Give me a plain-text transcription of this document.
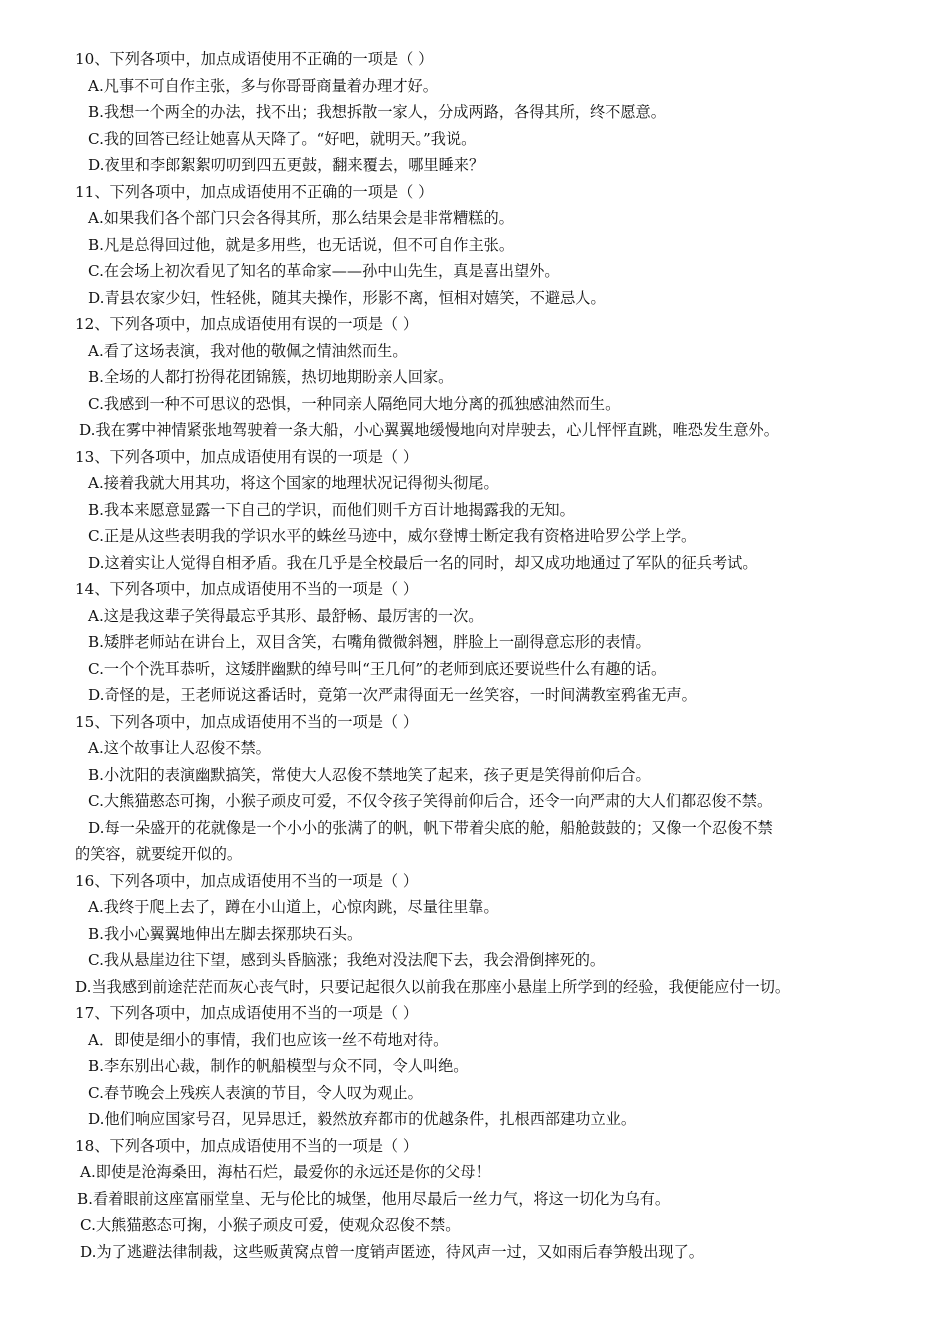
10、下列各项中，加点成语使用不正确的一项是（ ）
A.凡事不可自作主张，多与你哥哥商量着办理才好。
B.我想一个两全的办法，找不出；我想拆散一家人，分成两路，各得其所，终不愿意。
C.我的回答已经让她喜从天降了。“好吧，就明天。”我说。
D.夜里和李郎絮絮叨叨到四五更鼓，翻来覆去，哪里睡来？
11、下列各项中，加点成语使用不正确的一项是（ ）
A.如果我们各个部门只会各得其所，那么结果会是非常糟糕的。
B.凡是总得回过他，就是多用些，也无话说，但不可自作主张。
C.在会场上初次看见了知名的革命家——孙中山先生，真是喜出望外。
D.青县农家少妇，性轻佻，随其夫操作，形影不离，恒相对嬉笑，不避忌人。
12、下列各项中，加点成语使用有误的一项是（ ）
A.看了这场表演，我对他的敬佩之情油然而生。
B.全场的人都打扮得花团锦簇，热切地期盼亲人回家。
C.我感到一种不可思议的恐惧，一种同亲人隔绝同大地分离的孤独感油然而生。
D.我在雾中神情紧张地驾驶着一条大船，小心翼翼地缓慢地向对岸驶去，心儿怦怦直跳，唯恐发生意外。
13、下列各项中，加点成语使用有误的一项是（ ）
A.接着我就大用其功，将这个国家的地理状况记得彻头彻尾。
B.我本来愿意显露一下自己的学识，而他们则千方百计地揭露我的无知。
C.正是从这些表明我的学识水平的蛛丝马迹中，威尔登博士断定我有资格进哈罗公学上学。
D.这着实让人觉得自相矛盾。我在几乎是全校最后一名的同时，却又成功地通过了军队的征兵考试。
14、下列各项中，加点成语使用不当的一项是（ ）
A.这是我这辈子笑得最忘乎其形、最舒畅、最厉害的一次。
B.矮胖老师站在讲台上，双目含笑，右嘴角微微斜翘，胖脸上一副得意忘形的表情。
C.一个个洗耳恭听，这矮胖幽默的绰号叫“王几何”的老师到底还要说些什么有趣的话。
D.奇怪的是，王老师说这番话时，竟第一次严肃得面无一丝笑容，一时间满教室鸦雀无声。
15、下列各项中，加点成语使用不当的一项是（ ）
A.这个故事让人忍俊不禁。
B.小沈阳的表演幽默搞笑，常使大人忍俊不禁地笑了起来，孩子更是笑得前仰后合。
C.大熊猫憨态可掬，小猴子顽皮可爱，不仅令孩子笑得前仰后合，还令一向严肃的大人们都忍俊不禁。
D.每一朵盛开的花就像是一个小小的张满了的帆，帆下带着尖底的舱，船舱鼓鼓的；又像一个忍俊不禁
的笑容，就要绽开似的。
16、下列各项中，加点成语使用不当的一项是（ ）
A.我终于爬上去了，蹲在小山道上，心惊肉跳，尽量往里靠。
B.我小心翼翼地伸出左脚去探那块石头。
C.我从悬崖边往下望，感到头昏脑涨；我绝对没法爬下去，我会滑倒摔死的。
D.当我感到前途茫茫而灰心丧气时，只要记起很久以前我在那座小悬崖上所学到的经验，我便能应付一切。
17、下列各项中，加点成语使用不当的一项是（ ）
A．即使是细小的事情，我们也应该一丝不苟地对待。
B.李东别出心裁，制作的帆船模型与众不同，令人叫绝。
C.春节晚会上残疾人表演的节目，令人叹为观止。
D.他们响应国家号召，见异思迁，毅然放弃都市的优越条件，扎根西部建功立业。
18、下列各项中，加点成语使用不当的一项是（ ）
A.即使是沧海桑田，海枯石烂，最爱你的永远还是你的父母！
B.看着眼前这座富丽堂皇、无与伦比的城堡，他用尽最后一丝力气，将这一切化为乌有。
C.大熊猫憨态可掬，小猴子顽皮可爱，使观众忍俊不禁。
D.为了逃避法律制裁，这些贩黄窝点曾一度销声匿迹，待风声一过，又如雨后春笋般出现了。
